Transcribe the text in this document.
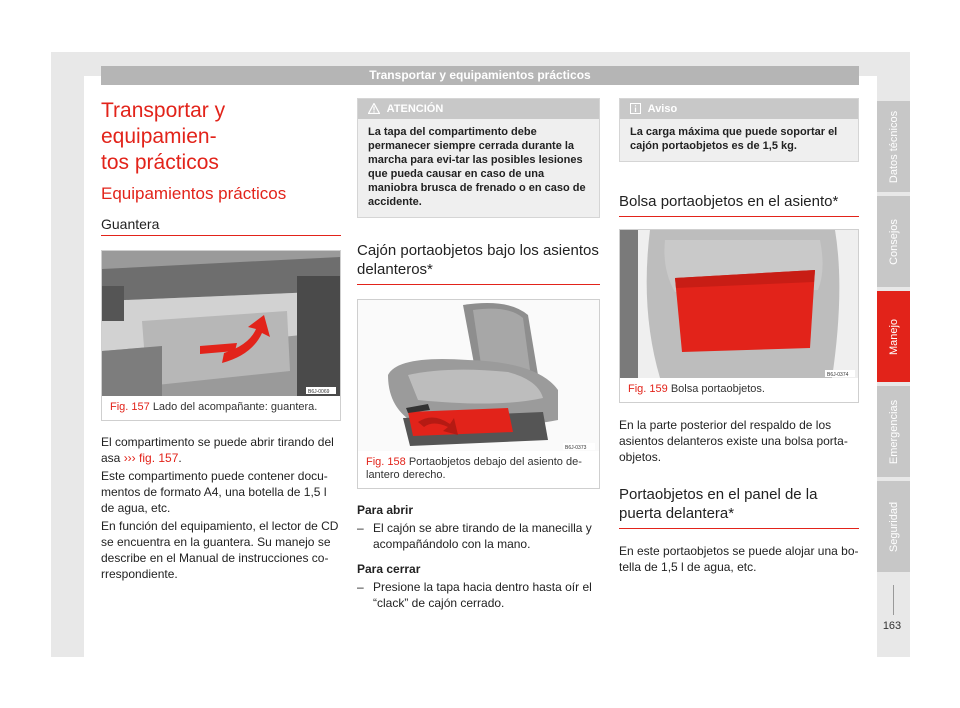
Transportar y equipamientos prácticos
Transportar y equipamien-
tos prácticos
Equipamientos prácticos
Guantera
B6J-0069
Fig. 157 Lado del acompañante: guantera.

El compartimento se puede abrir tirando del asa ››› fig. 157.

Este compartimento puede contener docu-mentos de formato A4, una botella de 1,5 l de agua, etc.

En función del equipamiento, el lector de CD se encuentra en la guantera. Su manejo se describe en el Manual de instrucciones co-rrespondiente.

ATENCIÓN
La tapa del compartimento debe permanecer siempre cerrada durante la marcha para evi-tar las posibles lesiones que pueda causar en caso de una maniobra brusca de frenado o en caso de accidente.
Cajón portaobjetos bajo los asientos delanteros*
B6J-0373
Fig. 158 Portaobjetos debajo del asiento de-lantero derecho.
Para abrir
– El cajón se abre tirando de la manecilla y acompañándolo con la mano.
Para cerrar
– Presione la tapa hacia dentro hasta oír el “clack” de cajón cerrado.
Aviso
La carga máxima que puede soportar el cajón portaobjetos es de 1,5 kg.
Bolsa portaobjetos en el asiento*
B6J-0374
Fig. 159 Bolsa portaobjetos.

En la parte posterior del respaldo de los asientos delanteros existe una bolsa porta-objetos.

Portaobjetos en el panel de la puerta delantera*

En este portaobjetos se puede alojar una bo-tella de 1,5 l de agua, etc.

Datos técnicos
Consejos
Manejo
Emergencias
Seguridad
163
